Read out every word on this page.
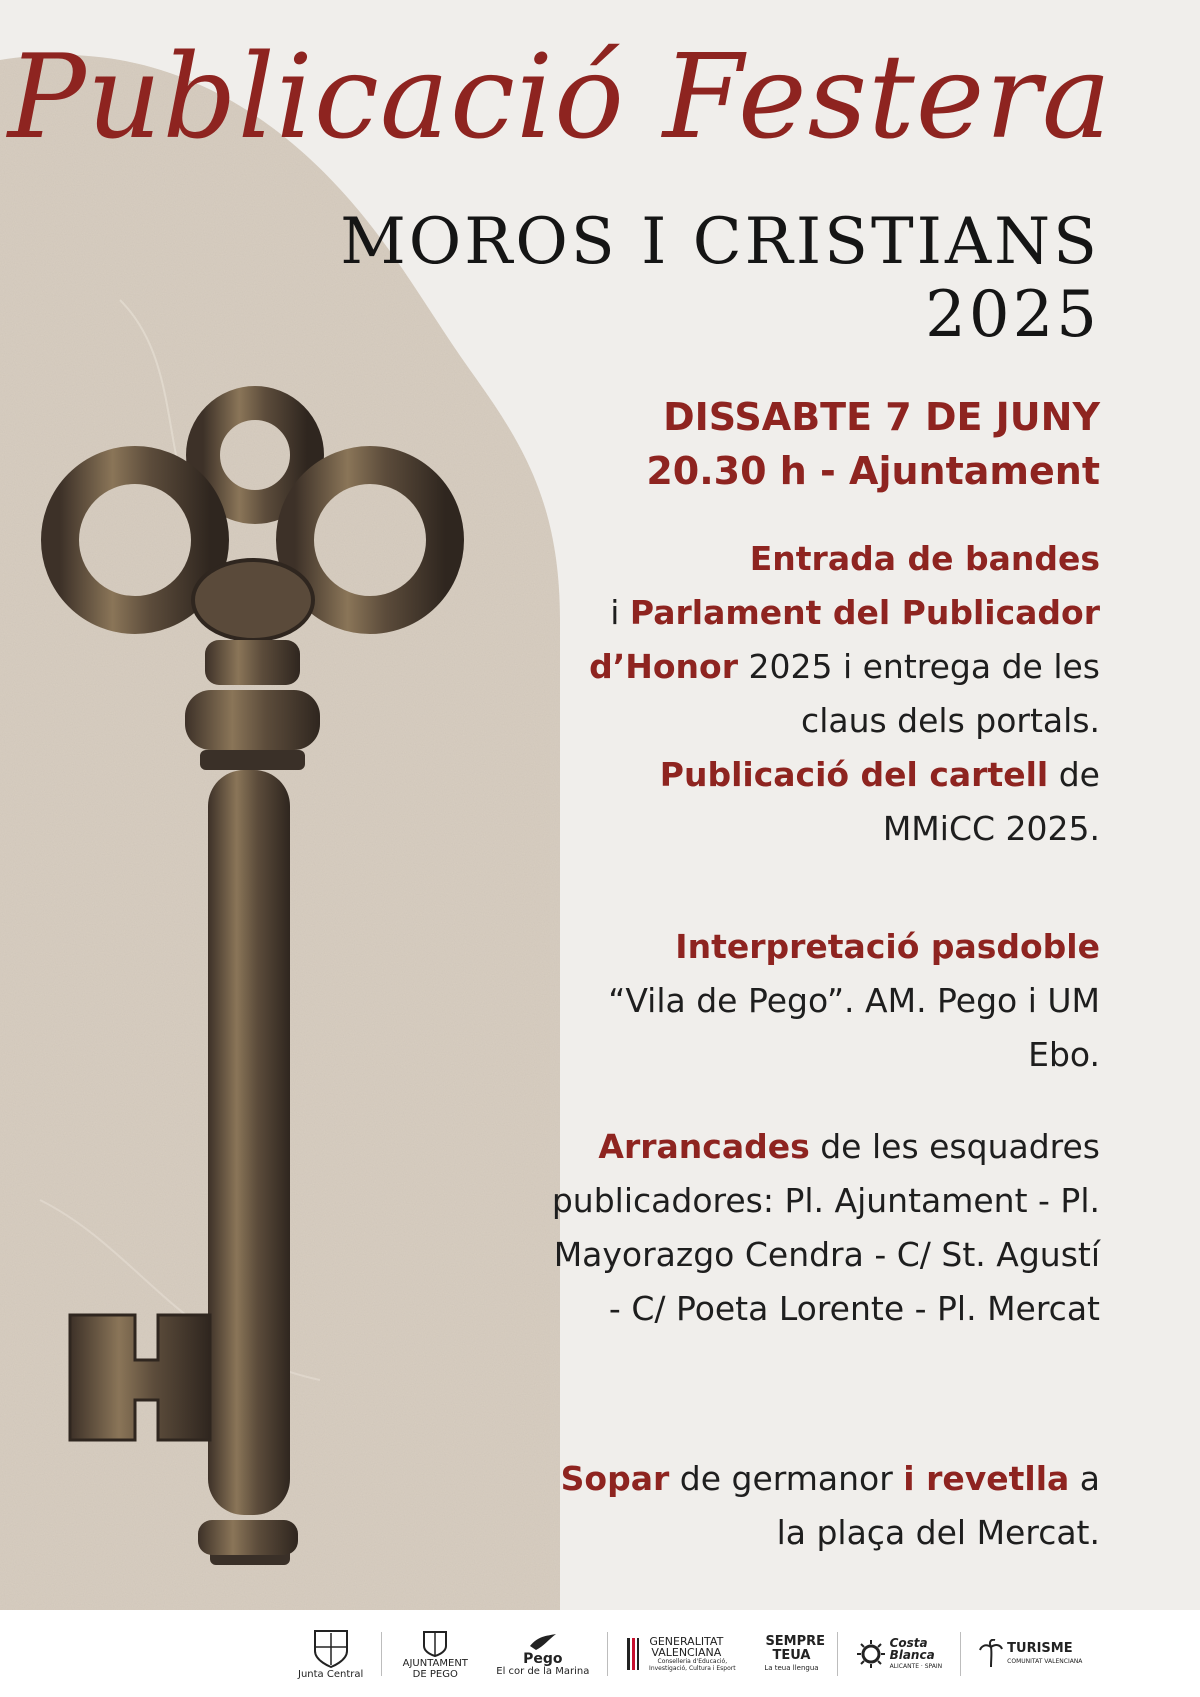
Publicació Festera
MOROS I CRISTIANS
2025
DISSABTE 7 DE JUNY
20.30 h - Ajuntament
Entrada de bandes
i Parlament del Publicador d’Honor 2025 i entrega de les claus dels portals.
Publicació del cartell de MMiCC 2025.
Interpretació pasdoble
“Vila de Pego”. AM. Pego i UM Ebo.
Arrancades de les esquadres publicadores: Pl. Ajuntament - Pl. Mayorazgo Cendra - C/ St. Agustí - C/ Poeta Lorente - Pl. Mercat
Sopar de germanor i revetlla a la plaça del Mercat.
Junta Central
AJUNTAMENT DE PEGO
Pego
El cor de la Marina
GENERALITAT VALENCIANA
Conselleria d'Educació, Investigació, Cultura i Esport
SEMPRE TEUA
La teua llengua
Costa Blanca
ALICANTE · SPAIN
TURISME
COMUNITAT VALENCIANA
